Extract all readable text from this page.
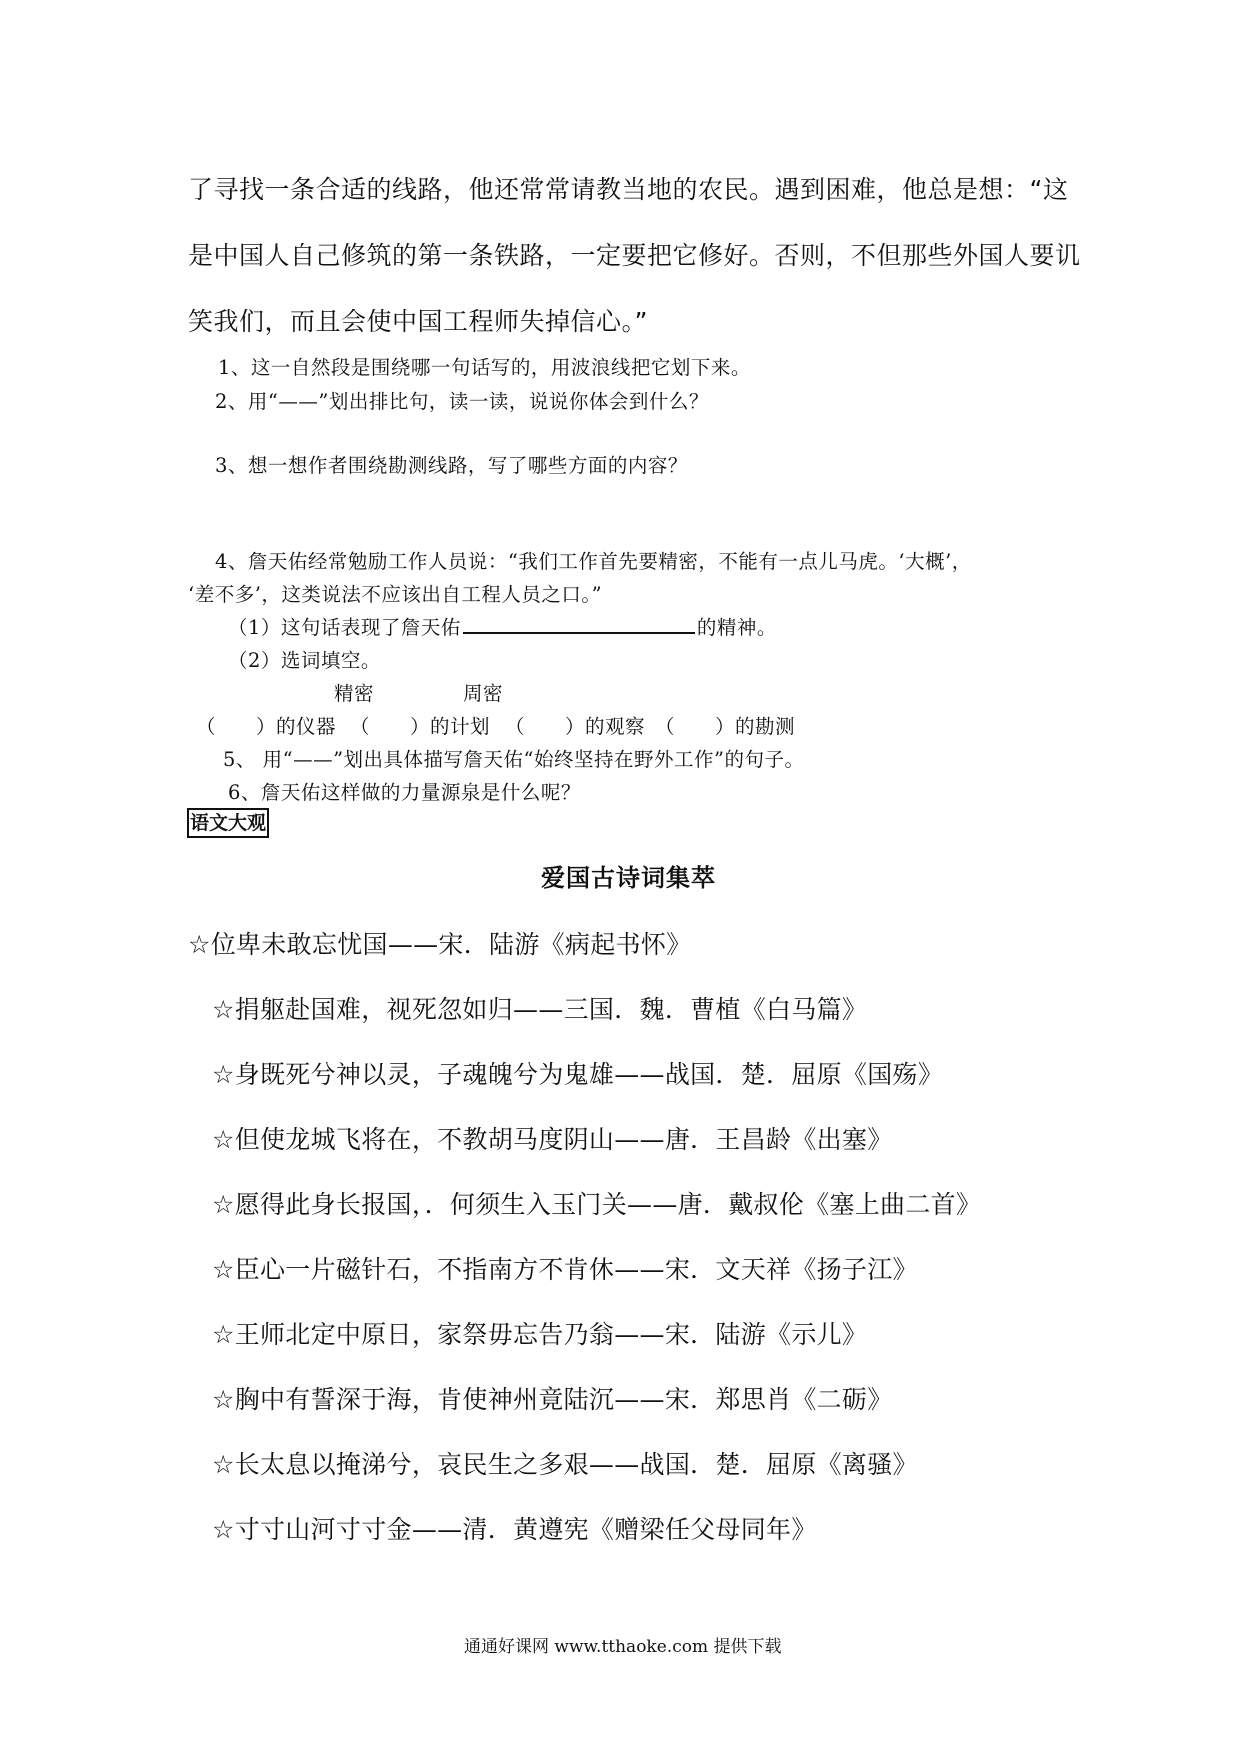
了寻找一条合适的线路，他还常常请教当地的农民。遇到困难，他总是想：“这
是中国人自己修筑的第一条铁路，一定要把它修好。否则，不但那些外国人要讥
笑我们，而且会使中国工程师失掉信心。”
1、这一自然段是围绕哪一句话写的，用波浪线把它划下来。
2、用“——”划出排比句，读一读，说说你体会到什么？
3、想一想作者围绕勘测线路，写了哪些方面的内容？
4、詹天佑经常勉励工作人员说：“我们工作首先要精密，不能有一点儿马虎。‘大概’，
‘差不多’，这类说法不应该出自工程人员之口。”
（1）这句话表现了詹天佑	的精神。
（2）选词填空。
精密	周密
（　　）的仪器 （　　）的计划 （　　）的观察 （　　）的勘测
5、 用“——”划出具体描写詹天佑“始终坚持在野外工作”的句子。
6、詹天佑这样做的力量源泉是什么呢？
语文大观
爱国古诗词集萃
☆位卑未敢忘忧国——宋．陆游《病起书怀》
☆捐躯赴国难，视死忽如归——三国．魏．曹植《白马篇》
☆身既死兮神以灵，子魂魄兮为鬼雄——战国．楚．屈原《国殇》
☆但使龙城飞将在，不教胡马度阴山——唐．王昌龄《出塞》
☆愿得此身长报国，．何须生入玉门关——唐．戴叔伦《塞上曲二首》
☆臣心一片磁针石，不指南方不肯休——宋．文天祥《扬子江》
☆王师北定中原日，家祭毋忘告乃翁——宋．陆游《示儿》
☆胸中有誓深于海，肯使神州竟陆沉——宋．郑思肖《二砺》
☆长太息以掩涕兮，哀民生之多艰——战国．楚．屈原《离骚》
☆寸寸山河寸寸金——清．黄遵宪《赠梁任父母同年》
通通好课网 www.tthaoke.com 提供下载
